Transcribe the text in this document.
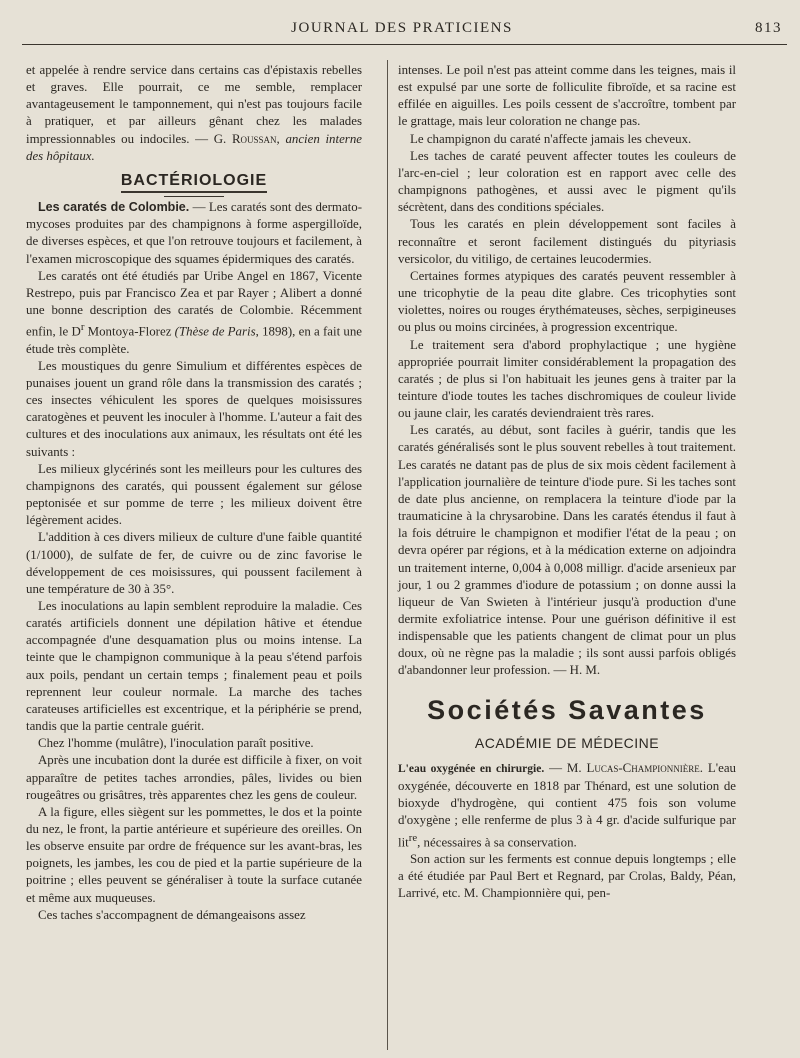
JOURNAL DES PRATICIENS	813

et appelée à rendre service dans certains cas d'épistaxis rebelles et graves. Elle pourrait, ce me semble, remplacer avantageusement le tamponnement, qui n'est pas toujours facile à pratiquer, et par ailleurs gênant chez les malades impressionnables ou indociles. — G. Roussan, ancien interne des hôpitaux.

BACTÉRIOLOGIE

Les caratés de Colombie. — Les caratés sont des dermato-mycoses produites par des champignons à forme aspergilloïde, de diverses espèces, et que l'on retrouve toujours et facilement, à l'examen microscopique des squames épidermiques des caratés.

Les caratés ont été étudiés par Uribe Angel en 1867, Vicente Restrepo, puis par Francisco Zea et par Rayer ; Alibert a donné une bonne description des caratés de Colombie. Récemment enfin, le $D^r$ Montoya-Florez (Thèse de Paris, 1898), en a fait une étude très complète.

Les moustiques du genre Simulium et différentes espèces de punaises jouent un grand rôle dans la transmission des caratés ; ces insectes véhiculent les spores de quelques moisissures caratogènes et peuvent les inoculer à l'homme. L'auteur a fait des cultures et des inoculations aux animaux, les résultats ont été les suivants :

Les milieux glycérinés sont les meilleurs pour les cultures des champignons des caratés, qui poussent également sur gélose peptonisée et sur pomme de terre ; les milieux doivent être légèrement acides.

L'addition à ces divers milieux de culture d'une faible quantité (1/1000), de sulfate de fer, de cuivre ou de zinc favorise le développement de ces moisissures, qui poussent facilement à une température de 30 à 35°.

Les inoculations au lapin semblent reproduire la maladie. Ces caratés artificiels donnent une dépilation hâtive et étendue accompagnée d'une desquamation plus ou moins intense. La teinte que le champignon communique à la peau s'étend parfois aux poils, pendant un certain temps ; finalement peau et poils reprennent leur couleur normale. La marche des taches carateuses artificielles est excentrique, et la périphérie se prend, tandis que la partie centrale guérit.

Chez l'homme (mulâtre), l'inoculation paraît positive.

Après une incubation dont la durée est difficile à fixer, on voit apparaître de petites taches arrondies, pâles, livides ou bien rougeâtres ou grisâtres, très apparentes chez les gens de couleur.

A la figure, elles siègent sur les pommettes, le dos et la pointe du nez, le front, la partie antérieure et supérieure des oreilles. On les observe ensuite par ordre de fréquence sur les avant-bras, les poignets, les jambes, les cou de pied et la partie supérieure de la poitrine ; elles peuvent se généraliser à toute la surface cutanée et même aux muqueuses.

Ces taches s'accompagnent de démangeaisons assez

intenses. Le poil n'est pas atteint comme dans les teignes, mais il est expulsé par une sorte de folliculite fibroïde, et sa racine est effilée en aiguilles. Les poils cessent de s'accroître, tombent par le grattage, mais leur coloration ne change pas.

Le champignon du caraté n'affecte jamais les cheveux.

Les taches de caraté peuvent affecter toutes les couleurs de l'arc-en-ciel ; leur coloration est en rapport avec celle des champignons pathogènes, et aussi avec le pigment qu'ils sécrètent, dans des conditions spéciales.

Tous les caratés en plein développement sont faciles à reconnaître et seront facilement distingués du pityriasis versicolor, du vitiligo, de certaines leucodermies.

Certaines formes atypiques des caratés peuvent ressembler à une tricophytie de la peau dite glabre. Ces tricophyties sont violettes, noires ou rouges érythémateuses, sèches, serpigineuses ou plus ou moins circinées, à progression excentrique.

Le traitement sera d'abord prophylactique ; une hygiène appropriée pourrait limiter considérablement la propagation des caratés ; de plus si l'on habituait les jeunes gens à traiter par la teinture d'iode toutes les taches dischromiques de couleur livide ou jaune clair, les caratés deviendraient très rares.

Les caratés, au début, sont faciles à guérir, tandis que les caratés généralisés sont le plus souvent rebelles à tout traitement. Les caratés ne datant pas de plus de six mois cèdent facilement à l'application journalière de teinture d'iode pure. Si les taches sont de date plus ancienne, on remplacera la teinture d'iode par la traumaticine à la chrysarobine. Dans les caratés étendus il faut à la fois détruire le champignon et modifier l'état de la peau ; on devra opérer par régions, et à la médication externe on adjoindra un traitement interne, 0,004 à 0,008 milligr. d'acide arsenieux par jour, 1 ou 2 grammes d'iodure de potassium ; on donne aussi la liqueur de Van Swieten à l'intérieur jusqu'à production d'une dermite exfoliatrice intense. Pour une guérison définitive il est indispensable que les patients changent de climat pour un plus doux, où ne règne pas la maladie ; ils sont aussi parfois obligés d'abandonner leur profession. — H. M.

Sociétés Savantes
ACADÉMIE DE MÉDECINE

L'eau oxygénée en chirurgie. — M. Lucas-Championnière. L'eau oxygénée, découverte en 1818 par Thénard, est une solution de bioxyde d'hydrogène, qui contient 475 fois son volume d'oxygène ; elle renferme de plus 3 à 4 gr. d'acide sulfurique par lit$^{re}$, nécessaires à sa conservation.

Son action sur les ferments est connue depuis longtemps ; elle a été étudiée par Paul Bert et Regnard, par Crolas, Baldy, Péan, Larrivé, etc. M. Championnière qui, pen-
